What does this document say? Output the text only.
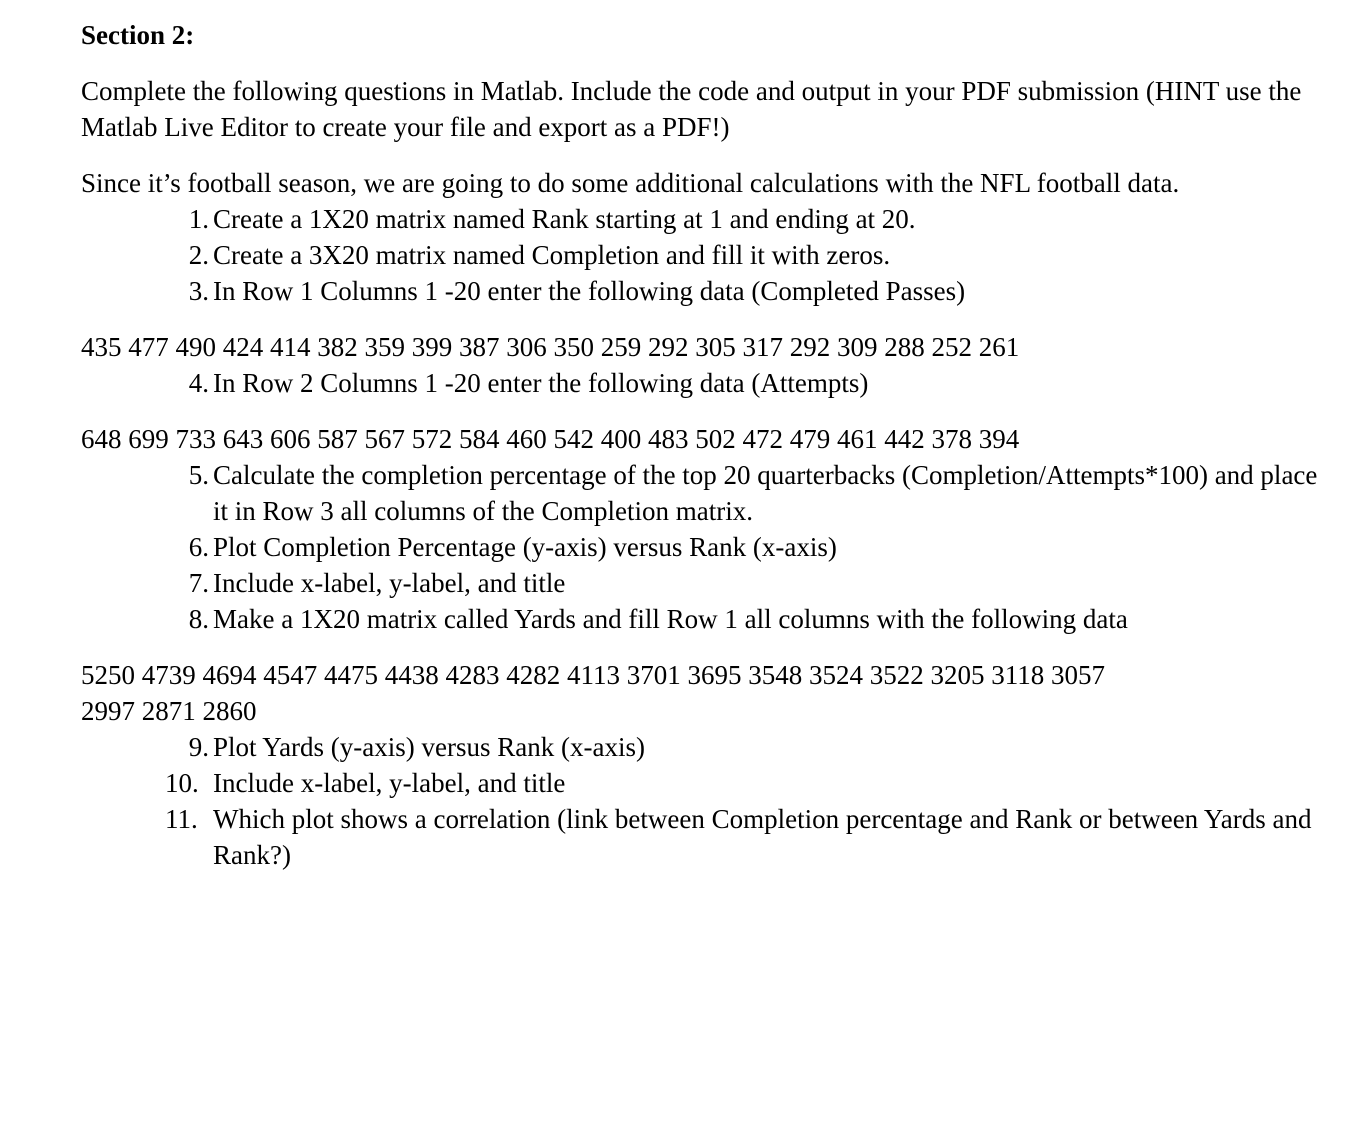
Section 2:

Complete the following questions in Matlab. Include the code and output in your PDF submission (HINT use the Matlab Live Editor to create your file and export as a PDF!)

Since it’s football season, we are going to do some additional calculations with the NFL football data.

1. Create a 1X20 matrix named Rank starting at 1 and ending at 20.
2. Create a 3X20 matrix named Completion and fill it with zeros.
3. In Row 1 Columns 1 -20 enter the following data (Completed Passes)

435 477 490 424 414 382 359 399 387 306 350 259 292 305 317 292 309 288 252 261

4. In Row 2 Columns 1 -20 enter the following data (Attempts)

648 699 733 643 606 587 567 572 584 460 542 400 483 502 472 479 461 442 378 394

5. Calculate the completion percentage of the top 20 quarterbacks (Completion/Attempts*100) and place it in Row 3 all columns of the Completion matrix.
6. Plot Completion Percentage (y-axis) versus Rank (x-axis)
7. Include x-label, y-label, and title
8. Make a 1X20 matrix called Yards and fill Row 1 all columns with the following data

5250 4739 4694 4547 4475 4438 4283 4282 4113 3701 3695 3548 3524 3522 3205 3118 3057

2997 2871 2860

9. Plot Yards (y-axis) versus Rank (x-axis)
10. Include x-label, y-label, and title
11. Which plot shows a correlation (link between Completion percentage and Rank or between Yards and Rank?)
